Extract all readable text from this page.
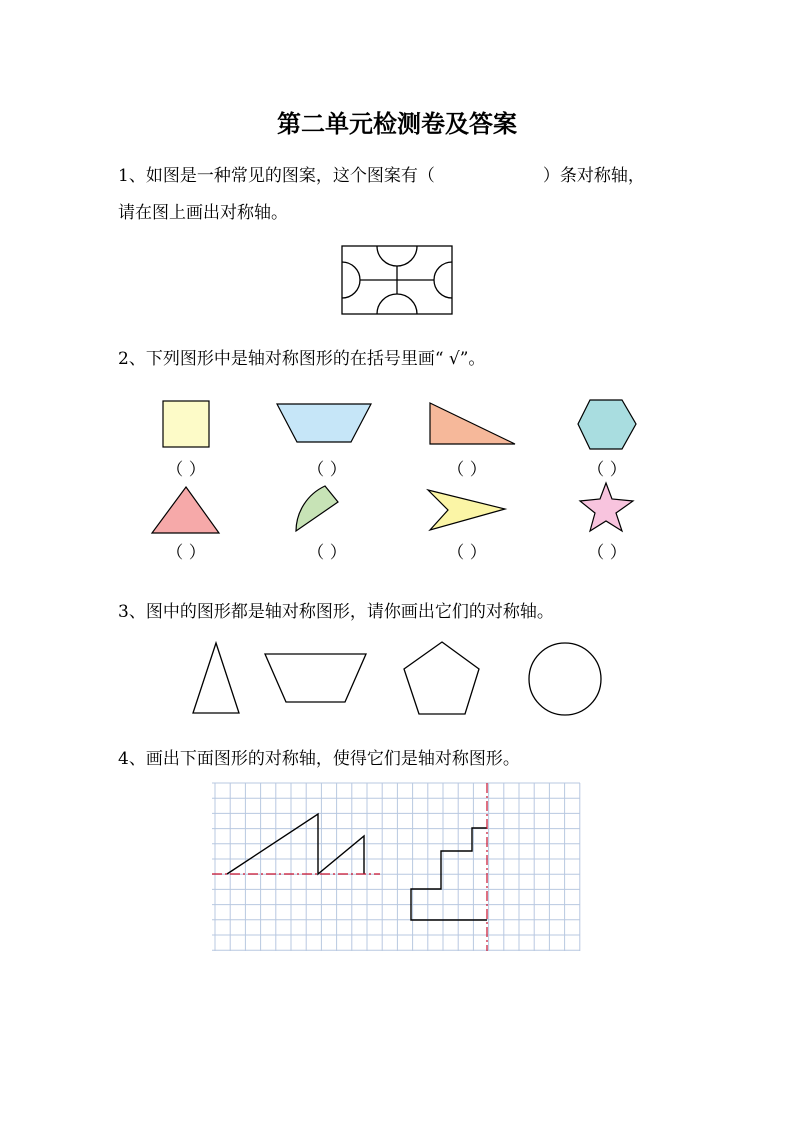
第二单元检测卷及答案
1、如图是一种常见的图案，这个图案有（	）条对称轴，
请在图上画出对称轴。
2、下列图形中是轴对称图形的在括号里画“ √”。
（ ）	（ ）	（ ）	（ ）
（ ）	（ ）	（ ）	（ ）
3、图中的图形都是轴对称图形，请你画出它们的对称轴。
4、画出下面图形的对称轴，使得它们是轴对称图形。
